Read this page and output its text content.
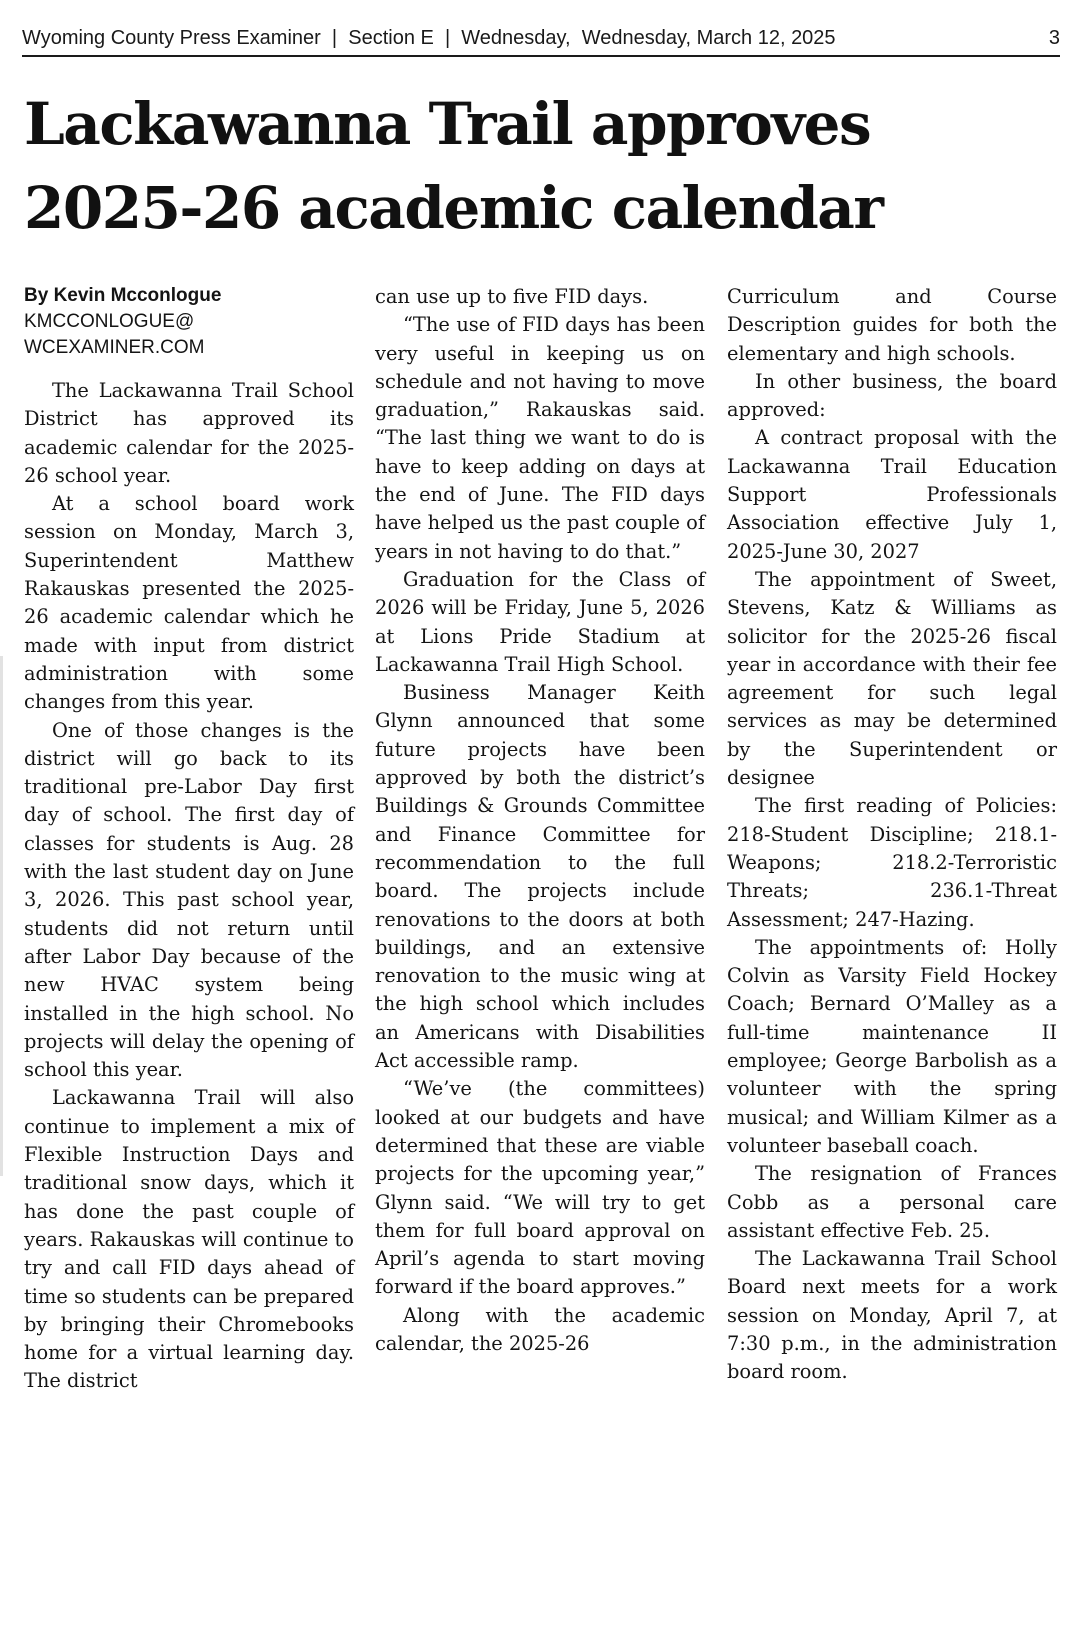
Wyoming County Press Examiner  |  Section E  |  Wednesday,  Wednesday, March 12, 2025	3
Lackawanna Trail approves
2025-26 academic calendar
By Kevin Mcconlogue
KMCCONLOGUE@
WCEXAMINER.COM

The Lackawanna Trail School District has approved its academic calendar for the 2025-26 school year.

At a school board work session on Monday, March 3, Superintendent Matthew Rakauskas presented the 2025-26 academic calendar which he made with input from district administration with some changes from this year.

One of those changes is the district will go back to its traditional pre-Labor Day first day of school. The first day of classes for students is Aug. 28 with the last student day on June 3, 2026. This past school year, students did not return until after Labor Day because of the new HVAC system being installed in the high school. No projects will delay the opening of school this year.

Lackawanna Trail will also continue to implement a mix of Flexible Instruction Days and traditional snow days, which it has done the past couple of years. Rakauskas will continue to try and call FID days ahead of time so students can be prepared by bringing their Chromebooks home for a virtual learning day. The district

can use up to five FID days.

“The use of FID days has been very useful in keeping us on schedule and not having to move graduation,” Rakauskas said. “The last thing we want to do is have to keep adding on days at the end of June. The FID days have helped us the past couple of years in not having to do that.”

Graduation for the Class of 2026 will be Friday, June 5, 2026 at Lions Pride Stadium at Lackawanna Trail High School.

Business Manager Keith Glynn announced that some future projects have been approved by both the district’s Buildings & Grounds Committee and Finance Committee for recommendation to the full board. The projects include renovations to the doors at both buildings, and an extensive renovation to the music wing at the high school which includes an Americans with Disabilities Act accessible ramp.

“We’ve (the committees) looked at our budgets and have determined that these are viable projects for the upcoming year,” Glynn said. “We will try to get them for full board approval on April’s agenda to start moving forward if the board approves.”

Along with the academic calendar, the 2025-26

Curriculum and Course Description guides for both the elementary and high schools.

In other business, the board approved:

A contract proposal with the Lackawanna Trail Education Support Professionals Association effective July 1, 2025-June 30, 2027

The appointment of Sweet, Stevens, Katz & Williams as solicitor for the 2025-26 fiscal year in accordance with their fee agreement for such legal services as may be determined by the Superintendent or designee

The first reading of Policies: 218-Student Discipline; 218.1-Weapons; 218.2-Terroristic Threats; 236.1-Threat Assessment; 247-Hazing.

The appointments of: Holly Colvin as Varsity Field Hockey Coach; Bernard O’Malley as a full-time maintenance II employee; George Barbolish as a volunteer with the spring musical; and William Kilmer as a volunteer baseball coach.

The resignation of Frances Cobb as a personal care assistant effective Feb. 25.

The Lackawanna Trail School Board next meets for a work session on Monday, April 7, at 7:30 p.m., in the administration board room.
